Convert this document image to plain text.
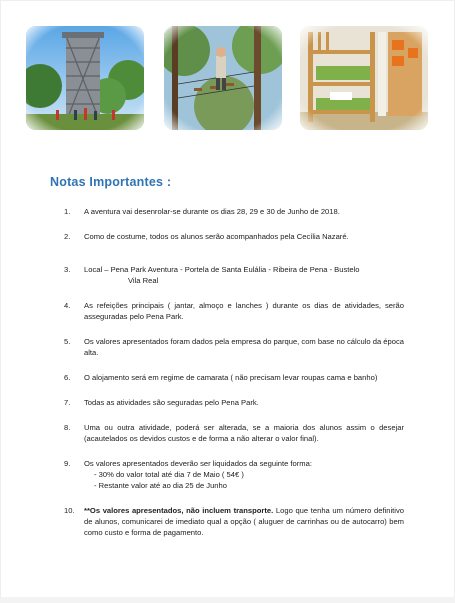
Notas Importantes :
1. A aventura vai desenrolar-se durante os dias 28, 29 e 30 de Junho de 2018.
2. Como de costume, todos os alunos serão acompanhados pela Cecília Nazaré.
3. Local – Pena Park Aventura - Portela de Santa Eulália - Ribeira de Pena - Bustelo
Vila Real
4. As refeições principais ( jantar, almoço e lanches ) durante os dias de atividades, serão asseguradas pelo Pena Park.
5. Os valores apresentados foram dados pela empresa do parque, com base no cálculo da época alta.
6. O alojamento será em regime de camarata ( não precisam levar roupas cama e banho)
7. Todas as atividades são seguradas pelo Pena Park.
8. Uma ou outra atividade, poderá ser alterada, se a maioria dos alunos assim o desejar (acautelados os devidos custos e de forma a não alterar o valor final).
9. Os valores apresentados deverão ser liquidados da seguinte forma:
- 30% do valor total até dia 7 de Maio ( 54€ )
- Restante valor até ao dia 25 de Junho
10. **Os valores apresentados, não incluem transporte. Logo que tenha um número definitivo de alunos, comunicarei de imediato qual a opção ( aluguer de carrinhas ou de autocarro) bem como custo e forma de pagamento.
